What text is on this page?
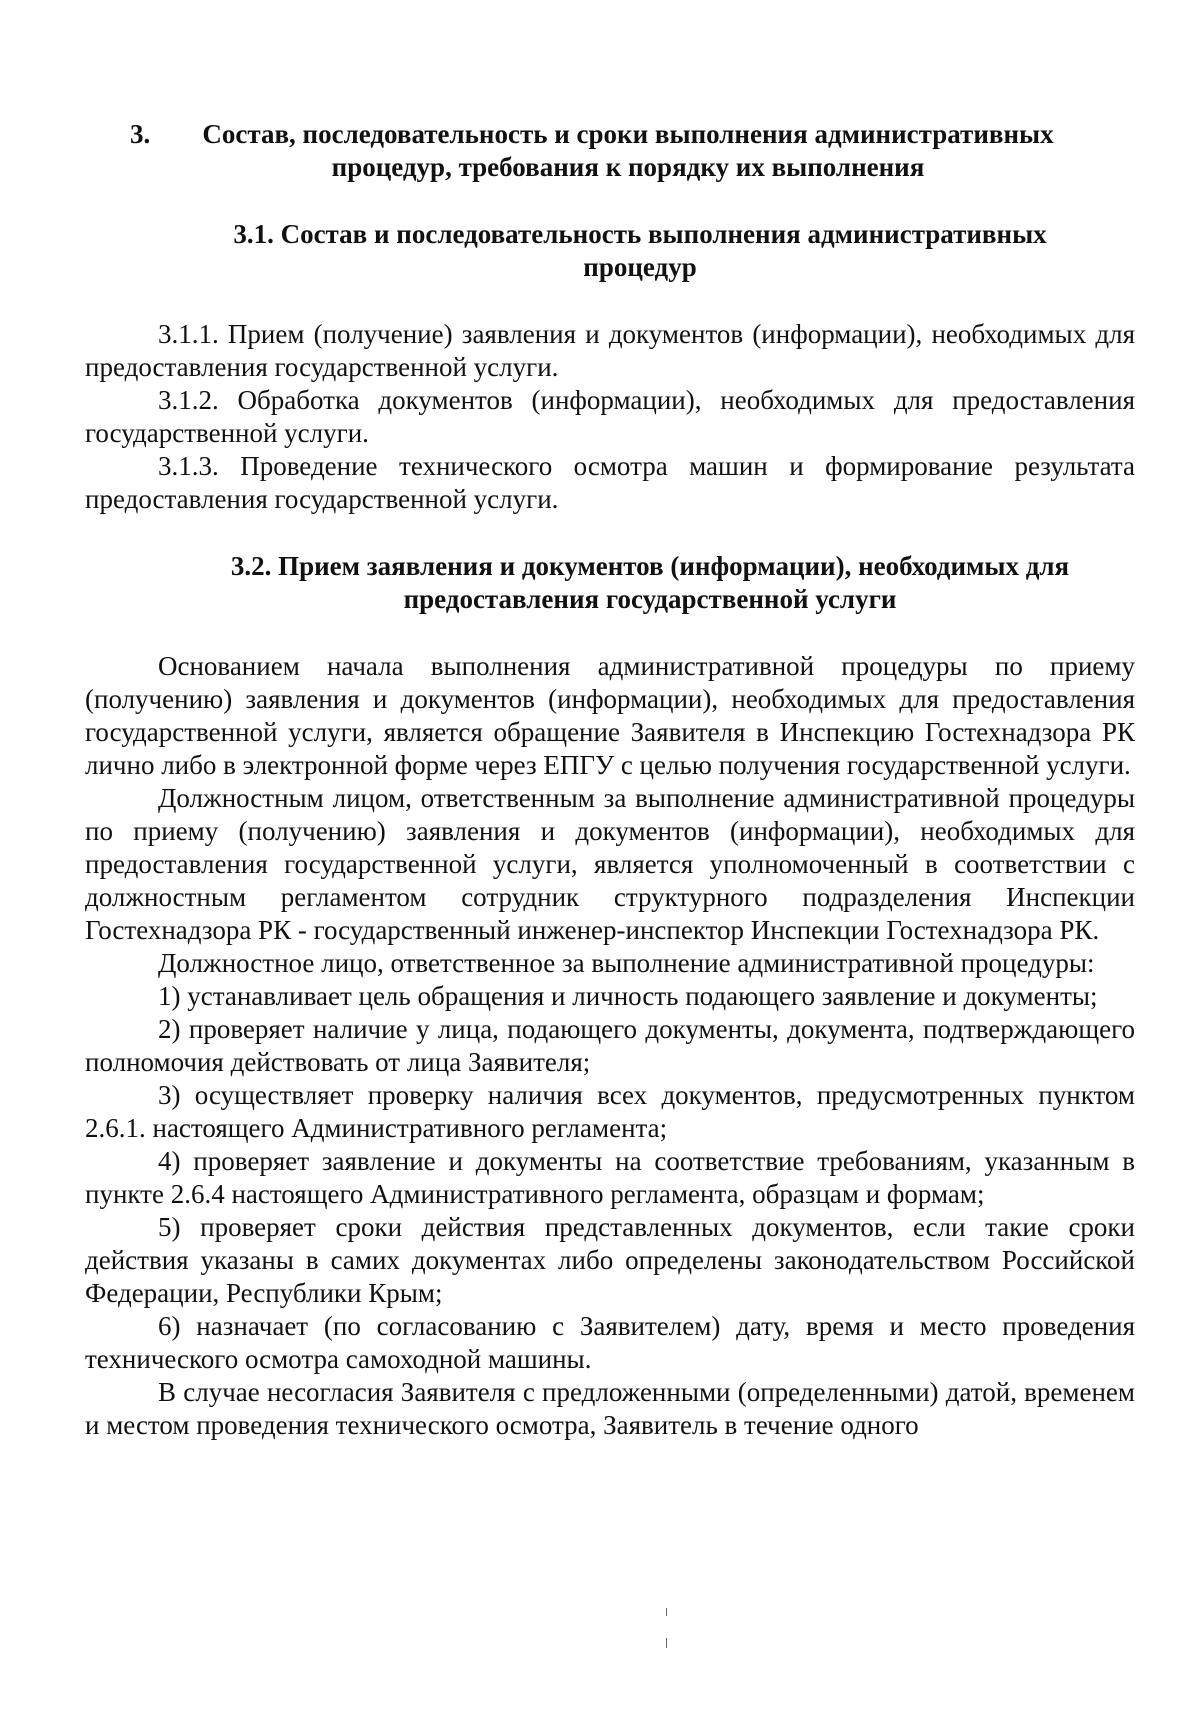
3.	Состав, последовательность и сроки выполнения административных процедур, требования к порядку их выполнения
3.1. Состав и последовательность выполнения административных процедур

3.1.1. Прием (получение) заявления и документов (информации), необходимых для предоставления государственной услуги.

3.1.2. Обработка документов (информации), необходимых для предоставления государственной услуги.

3.1.3. Проведение технического осмотра машин и формирование результата предоставления государственной услуги.

3.2. Прием заявления и документов (информации), необходимых для предоставления государственной услуги

Основанием начала выполнения административной процедуры по приему (получению) заявления и документов (информации), необходимых для предоставления государственной услуги, является обращение Заявителя в Инспекцию Гостехнадзора РК лично либо в электронной форме через ЕПГУ с целью получения государственной услуги.

Должностным лицом, ответственным за выполнение административной процедуры по приему (получению) заявления и документов (информации), необходимых для предоставления государственной услуги, является уполномоченный в соответствии с должностным регламентом сотрудник структурного подразделения Инспекции Гостехнадзора РК - государственный инженер-инспектор Инспекции Гостехнадзора РК.

Должностное лицо, ответственное за выполнение административной процедуры:

1) устанавливает цель обращения и личность подающего заявление и документы;

2) проверяет наличие у лица, подающего документы, документа, подтверждающего полномочия действовать от лица Заявителя;

3) осуществляет проверку наличия всех документов, предусмотренных пунктом 2.6.1. настоящего Административного регламента;

4) проверяет заявление и документы на соответствие требованиям, указанным в пункте 2.6.4 настоящего Административного регламента, образцам и формам;

5) проверяет сроки действия представленных документов, если такие сроки действия указаны в самих документах либо определены законодательством Российской Федерации, Республики Крым;

6) назначает (по согласованию с Заявителем) дату, время и место проведения технического осмотра самоходной машины.

В случае несогласия Заявителя с предложенными (определенными) датой, временем и местом проведения технического осмотра, Заявитель в течение одного
